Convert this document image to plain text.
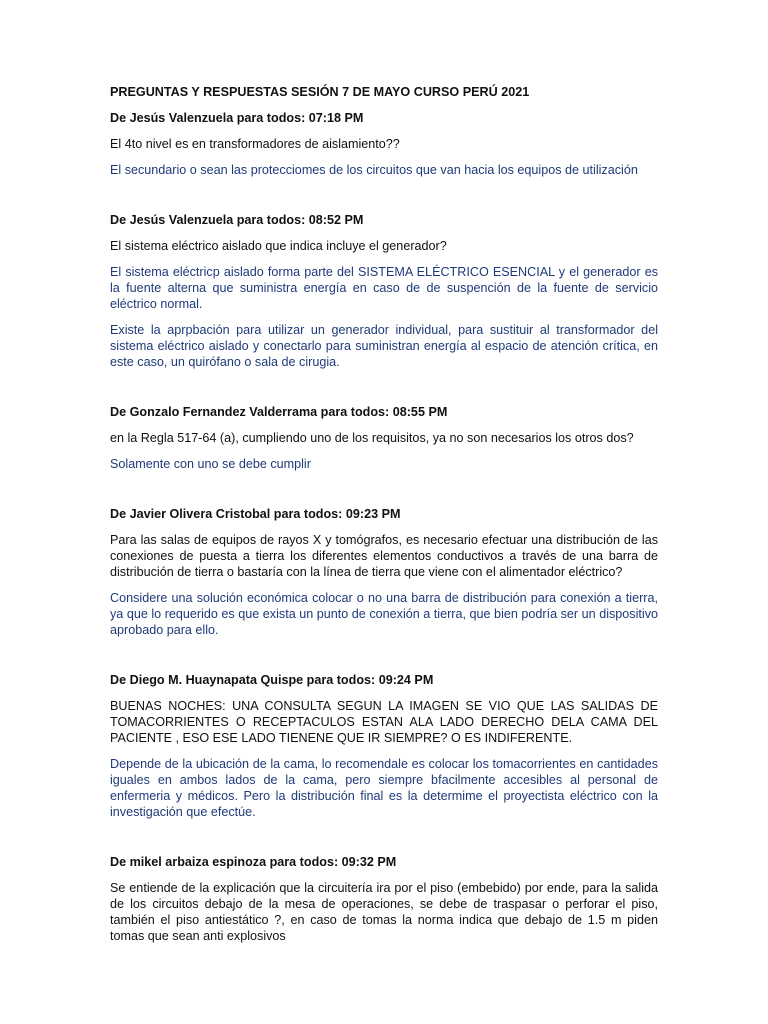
PREGUNTAS Y RESPUESTAS SESIÓN 7 DE MAYO CURSO PERÚ 2021

De Jesús Valenzuela para todos: 07:18 PM

El 4to nivel es en transformadores de aislamiento??

El secundario o sean las protecciomes de los circuitos que van hacia los equipos de utilización

De Jesús Valenzuela para todos: 08:52 PM

El sistema eléctrico aislado que indica incluye el generador?

El sistema eléctricp aislado forma parte del SISTEMA ELÉCTRICO ESENCIAL y el generador es la fuente alterna que suministra energía en caso de de suspención de la fuente de servicio eléctrico normal.

Existe la aprpbación para utilizar un generador individual, para sustituir al transformador del sistema eléctrico aislado y conectarlo para suministran energía al espacio de atención crítica, en este caso, un quirófano o sala de cirugia.

De Gonzalo Fernandez Valderrama para todos: 08:55 PM

en la Regla 517-64 (a), cumpliendo uno de los requisitos, ya no son necesarios los otros dos?

Solamente con uno se debe cumplir

De Javier Olivera Cristobal para todos: 09:23 PM

Para las salas de equipos de rayos X y tomógrafos, es necesario efectuar una distribución de las conexiones de puesta a tierra los diferentes elementos conductivos a través de una barra de distribución de tierra o bastaría con la línea de tierra que viene con el alimentador eléctrico?

Considere una solución económica colocar o no una barra de distribución para conexión a tierra, ya que lo requerido es que exista un punto de conexión a tierra, que bien podría ser un dispositivo aprobado para ello.

De Diego M. Huaynapata Quispe para todos: 09:24 PM

BUENAS NOCHES: UNA CONSULTA SEGUN LA IMAGEN SE VIO QUE LAS SALIDAS DE TOMACORRIENTES O RECEPTACULOS ESTAN ALA LADO DERECHO DELA CAMA DEL PACIENTE , ESO ESE LADO TIENENE QUE IR SIEMPRE? O ES INDIFERENTE.

Depende de la ubicación de la cama, lo recomendale es colocar los tomacorrientes en cantidades iguales en ambos lados de la cama, pero siempre bfacilmente accesibles al personal de enfermeria y médicos. Pero la distribución final es la determime el proyectista eléctrico con la investigación que efectúe.

De mikel arbaiza espinoza para todos: 09:32 PM

Se entiende de la explicación que la circuitería ira por el piso (embebido) por ende, para la salida de los circuitos debajo de la mesa de operaciones, se debe de traspasar o perforar el piso, también el piso antiestático ?, en caso de tomas la norma indica que debajo de 1.5 m piden tomas que sean anti explosivos
